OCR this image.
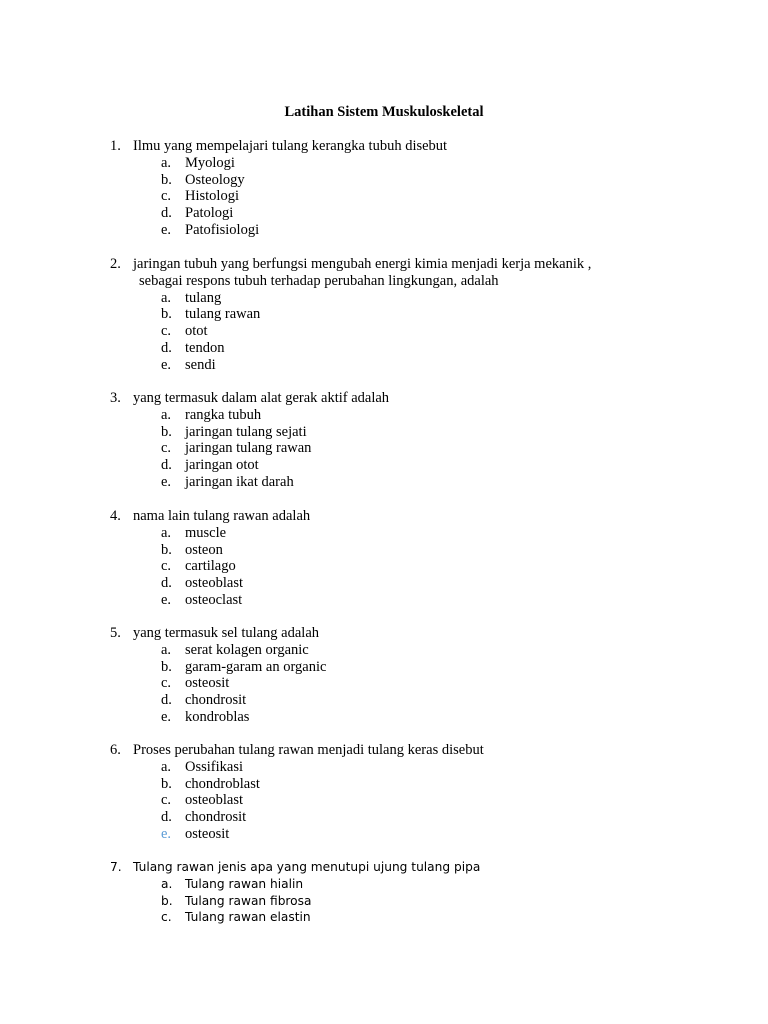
Latihan Sistem Muskuloskeletal
1. Ilmu yang mempelajari tulang kerangka tubuh disebut
a. Myologi
b. Osteology
c. Histologi
d. Patologi
e. Patofisiologi
2. jaringan tubuh yang berfungsi mengubah energi kimia menjadi kerja mekanik ,
sebagai respons tubuh terhadap perubahan lingkungan, adalah
a. tulang
b. tulang rawan
c. otot
d. tendon
e. sendi
3. yang termasuk dalam alat gerak aktif adalah
a. rangka tubuh
b. jaringan tulang sejati
c. jaringan tulang rawan
d. jaringan otot
e. jaringan ikat darah
4. nama lain tulang rawan adalah
a. muscle
b. osteon
c. cartilago
d. osteoblast
e. osteoclast
5. yang termasuk sel tulang adalah
a. serat kolagen organic
b. garam-garam an organic
c. osteosit
d. chondrosit
e. kondroblas
6. Proses perubahan tulang rawan menjadi tulang keras disebut
a. Ossifikasi
b. chondroblast
c. osteoblast
d. chondrosit
e. osteosit
7. Tulang rawan jenis apa yang menutupi ujung tulang pipa
a.	Tulang rawan hialin
b.	Tulang rawan fibrosa
c.	Tulang rawan elastin
